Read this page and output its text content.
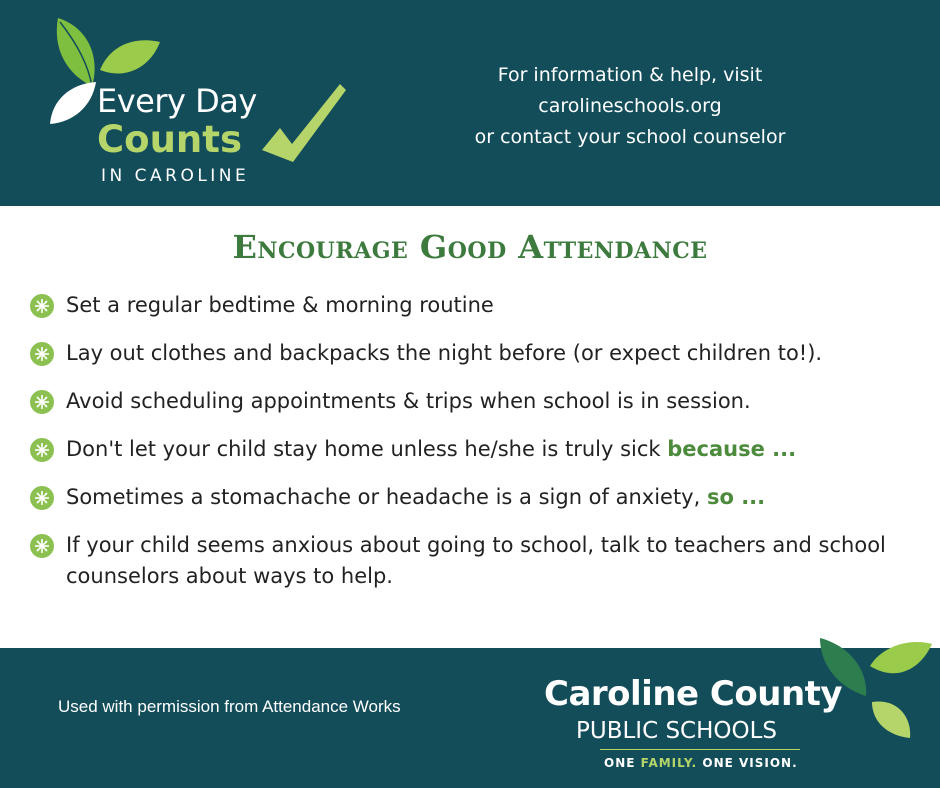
Every Day
Counts
IN CAROLINE
For information & help, visit
carolineschools.org
or contact your school counselor
Encourage Good Attendance
Set a regular bedtime & morning routine
Lay out clothes and backpacks the night before (or expect children to!).
Avoid scheduling appointments & trips when school is in session.
Don't let your child stay home unless he/she is truly sick because ...
Sometimes a stomachache or headache is a sign of anxiety, so ...
If your child seems anxious about going to school, talk to teachers and school counselors about ways to help.
Used with permission from Attendance Works	Caroline County
PUBLIC SCHOOLS
ONE FAMILY. ONE VISION.
